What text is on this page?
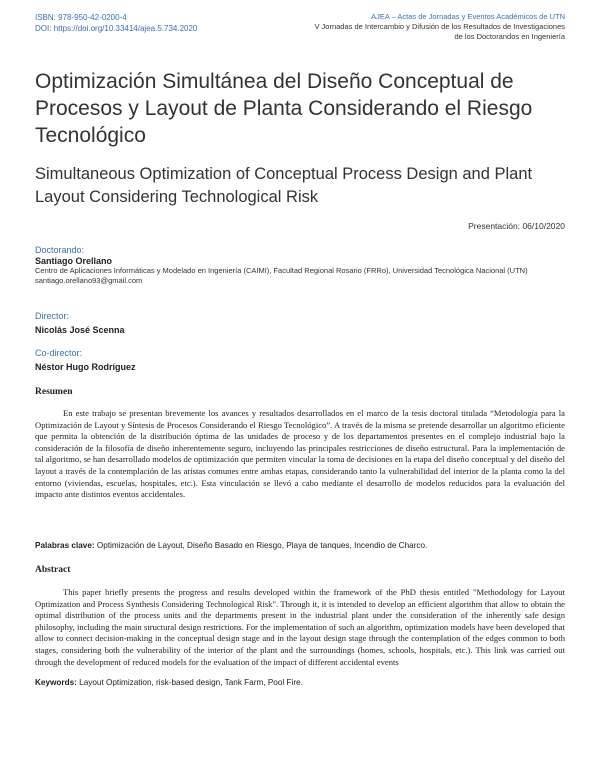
ISBN: 978-950-42-0200-4
DOI: https://doi.org/10.33414/ajea.5.734.2020
AJEA – Actas de Jornadas y Eventos Académicos de UTN
V Jornadas de Intercambio y Difusión de los Resultados de Investigaciones
de los Doctorandos en Ingeniería
Optimización Simultánea del Diseño Conceptual de Procesos y Layout de Planta Considerando el Riesgo Tecnológico
Simultaneous Optimization of Conceptual Process Design and Plant Layout Considering Technological Risk
Presentación: 06/10/2020
Doctorando:
Santiago Orellano
Centro de Aplicaciones Informáticas y Modelado en Ingeniería (CAIMI), Facultad Regional Rosario (FRRo), Universidad Tecnológica Nacional (UTN)
santiago.orellano93@gmail.com
Director:
Nicolás José Scenna
Co-director:
Néstor Hugo Rodríguez
Resumen
En este trabajo se presentan brevemente los avances y resultados desarrollados en el marco de la tesis doctoral titulada “Metodología para la Optimización de Layout y Síntesis de Procesos Considerando el Riesgo Tecnológico”. A través de la misma se pretende desarrollar un algoritmo eficiente que permita la obtención de la distribución óptima de las unidades de proceso y de los departamentos presentes en el complejo industrial bajo la consideración de la filosofía de diseño inherentemente seguro, incluyendo las principales restricciones de diseño estructural. Para la implementación de tal algoritmo, se han desarrollado modelos de optimización que permiten vincular la toma de decisiones en la etapa del diseño conceptual y del diseño del layout a través de la contemplación de las aristas comunes entre ambas etapas, considerando tanto la vulnerabilidad del interior de la planta como la del entorno (viviendas, escuelas, hospitales, etc.). Esta vinculación se llevó a cabo mediante el desarrollo de modelos reducidos para la evaluación del impacto ante distintos eventos accidentales.
Palabras clave: Optimización de Layout, Diseño Basado en Riesgo, Playa de tanques, Incendio de Charco.
Abstract
This paper briefly presents the progress and results developed within the framework of the PhD thesis entitled "Methodology for Layout Optimization and Process Synthesis Considering Technological Risk". Through it, it is intended to develop an efficient algorithm that allow to obtain the optimal distribution of the process units and the departments present in the industrial plant under the consideration of the inherently safe design philosophy, including the main structural design restrictions. For the implementation of such an algorithm, optimization models have been developed that allow to connect decision-making in the conceptual design stage and in the layout design stage through the contemplation of the edges common to both stages, considering both the vulnerability of the interior of the plant and the surroundings (homes, schools, hospitals, etc.). This link was carried out through the development of reduced models for the evaluation of the impact of different accidental events
Keywords: Layout Optimization, risk-based design, Tank Farm, Pool Fire.
